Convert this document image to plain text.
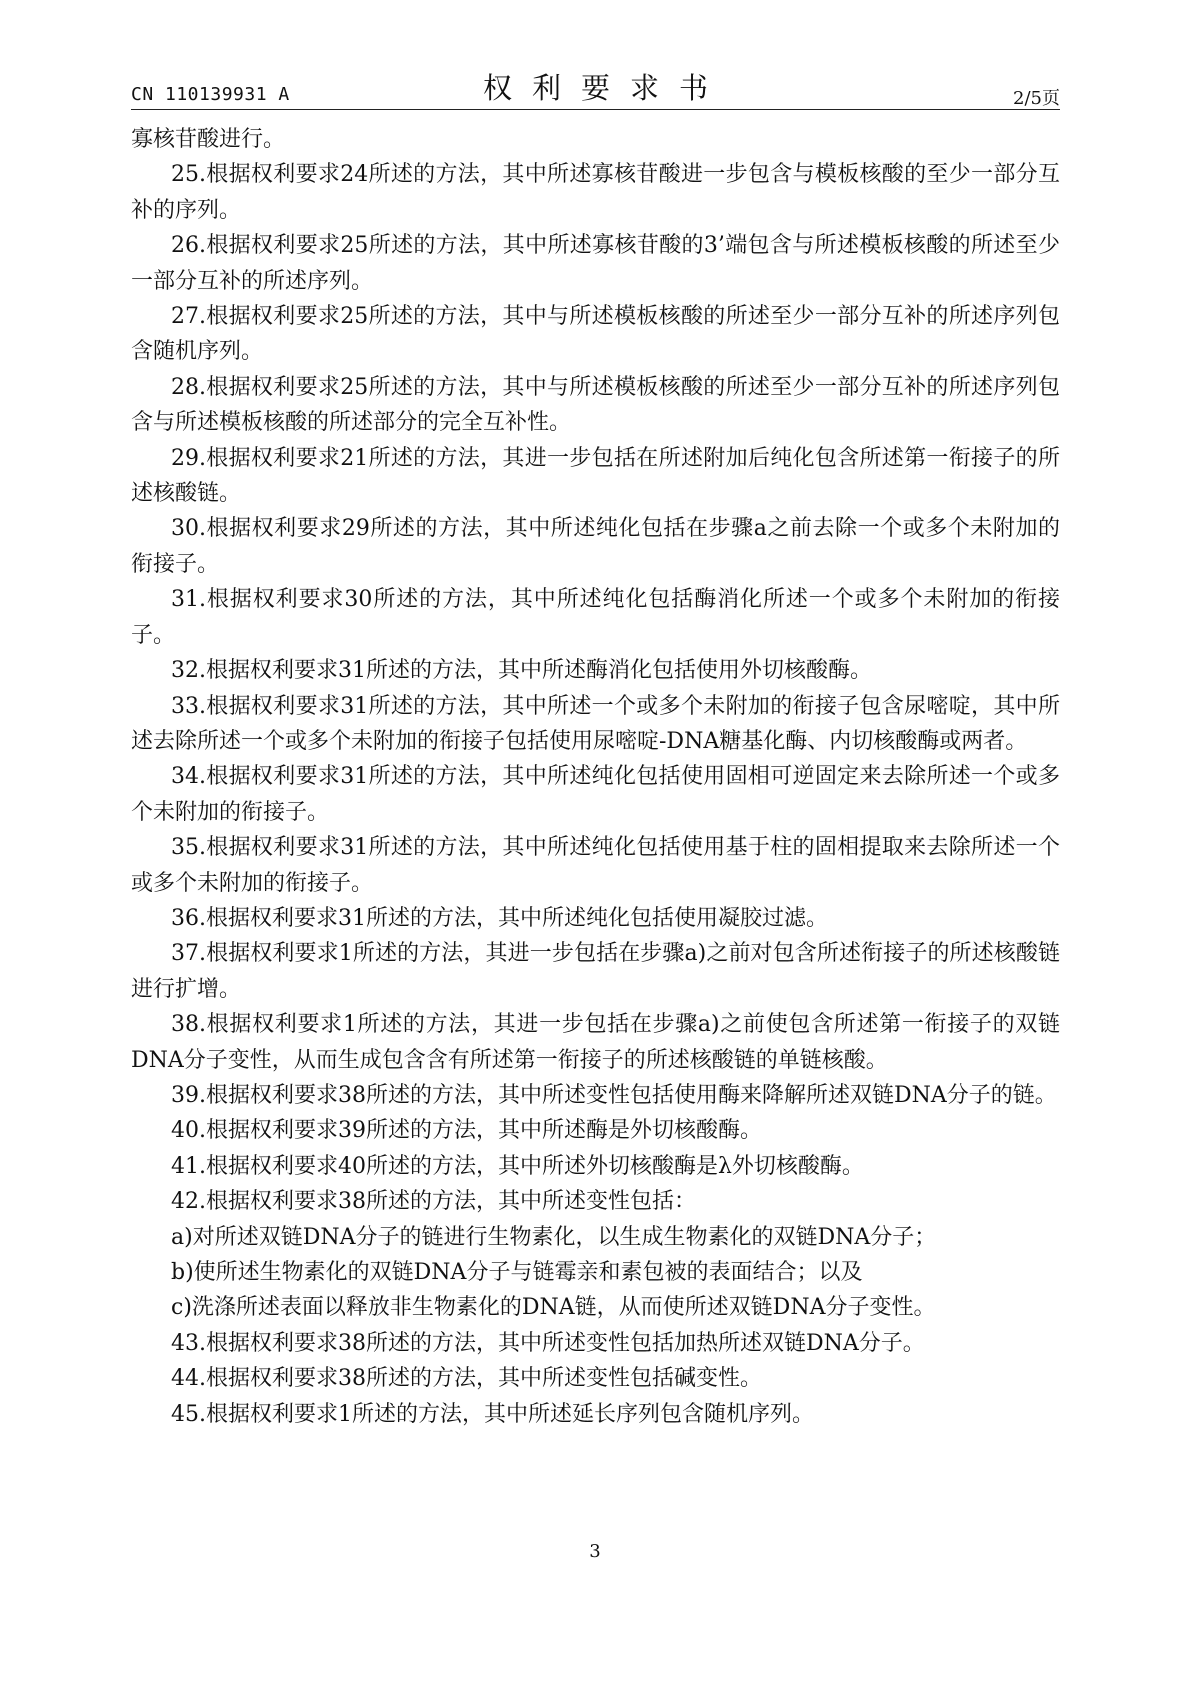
CN 110139931 A	权利要求书	2/5页

寡核苷酸进行。

25.根据权利要求24所述的方法，其中所述寡核苷酸进一步包含与模板核酸的至少一部分互补的序列。

26.根据权利要求25所述的方法，其中所述寡核苷酸的3’端包含与所述模板核酸的所述至少一部分互补的所述序列。

27.根据权利要求25所述的方法，其中与所述模板核酸的所述至少一部分互补的所述序列包含随机序列。

28.根据权利要求25所述的方法，其中与所述模板核酸的所述至少一部分互补的所述序列包含与所述模板核酸的所述部分的完全互补性。

29.根据权利要求21所述的方法，其进一步包括在所述附加后纯化包含所述第一衔接子的所述核酸链。

30.根据权利要求29所述的方法，其中所述纯化包括在步骤a之前去除一个或多个未附加的衔接子。

31.根据权利要求30所述的方法，其中所述纯化包括酶消化所述一个或多个未附加的衔接子。

32.根据权利要求31所述的方法，其中所述酶消化包括使用外切核酸酶。

33.根据权利要求31所述的方法，其中所述一个或多个未附加的衔接子包含尿嘧啶，其中所述去除所述一个或多个未附加的衔接子包括使用尿嘧啶-DNA糖基化酶、内切核酸酶或两者。

34.根据权利要求31所述的方法，其中所述纯化包括使用固相可逆固定来去除所述一个或多个未附加的衔接子。

35.根据权利要求31所述的方法，其中所述纯化包括使用基于柱的固相提取来去除所述一个或多个未附加的衔接子。

36.根据权利要求31所述的方法，其中所述纯化包括使用凝胶过滤。

37.根据权利要求1所述的方法，其进一步包括在步骤a)之前对包含所述衔接子的所述核酸链进行扩增。

38.根据权利要求1所述的方法，其进一步包括在步骤a)之前使包含所述第一衔接子的双链DNA分子变性，从而生成包含含有所述第一衔接子的所述核酸链的单链核酸。

39.根据权利要求38所述的方法，其中所述变性包括使用酶来降解所述双链DNA分子的链。

40.根据权利要求39所述的方法，其中所述酶是外切核酸酶。

41.根据权利要求40所述的方法，其中所述外切核酸酶是λ外切核酸酶。

42.根据权利要求38所述的方法，其中所述变性包括：

a)对所述双链DNA分子的链进行生物素化，以生成生物素化的双链DNA分子；

b)使所述生物素化的双链DNA分子与链霉亲和素包被的表面结合；以及

c)洗涤所述表面以释放非生物素化的DNA链，从而使所述双链DNA分子变性。

43.根据权利要求38所述的方法，其中所述变性包括加热所述双链DNA分子。

44.根据权利要求38所述的方法，其中所述变性包括碱变性。

45.根据权利要求1所述的方法，其中所述延长序列包含随机序列。

3
